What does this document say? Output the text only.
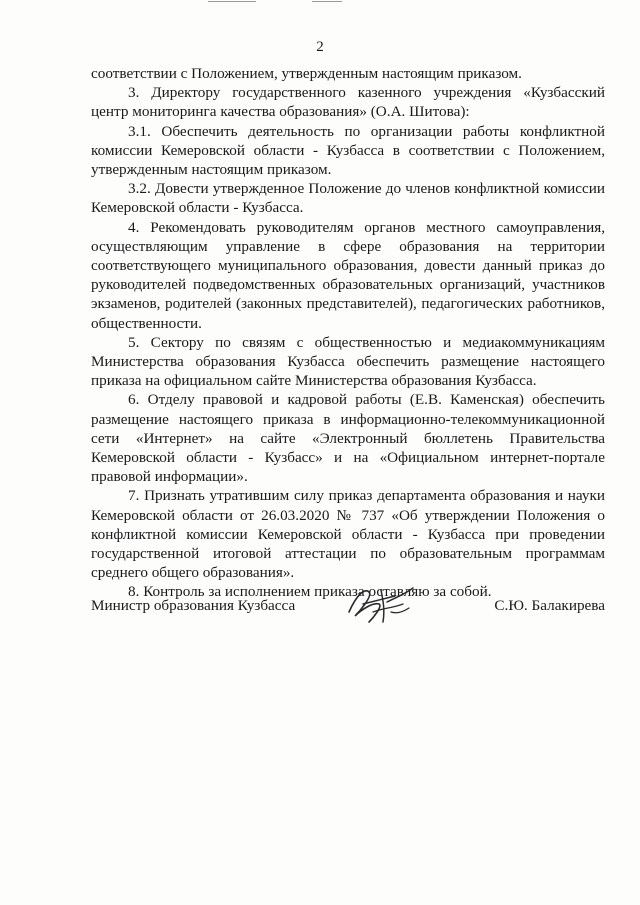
2

соответствии с Положением, утвержденным настоящим приказом.

3. Директору государственного казенного учреждения «Кузбасский центр мониторинга качества образования» (О.А. Шитова):

3.1. Обеспечить деятельность по организации работы конфликтной комиссии Кемеровской области - Кузбасса в соответствии с Положением, утвержденным настоящим приказом.

3.2. Довести утвержденное Положение до членов конфликтной комиссии Кемеровской области - Кузбасса.

4. Рекомендовать руководителям органов местного самоуправления, осуществляющим управление в сфере образования на территории соответствующего муниципального образования, довести данный приказ до руководителей подведомственных образовательных организаций, участников экзаменов, родителей (законных представителей), педагогических работников, общественности.

5. Сектору по связям с общественностью и медиакоммуникациям Министерства образования Кузбасса обеспечить размещение настоящего приказа на официальном сайте Министерства образования Кузбасса.

6. Отделу правовой и кадровой работы (Е.В. Каменская) обеспечить размещение настоящего приказа в информационно-телекоммуникационной сети «Интернет» на сайте «Электронный бюллетень Правительства Кемеровской области - Кузбасс» и на «Официальном интернет-портале правовой информации».

7. Признать утратившим силу приказ департамента образования и науки Кемеровской области от 26.03.2020 № 737 «Об утверждении Положения о конфликтной комиссии Кемеровской области - Кузбасса при проведении государственной итоговой аттестации по образовательным программам среднего общего образования».

8. Контроль за исполнением приказа оставляю за собой.

Министр образования Кузбасса	С.Ю. Балакирева
